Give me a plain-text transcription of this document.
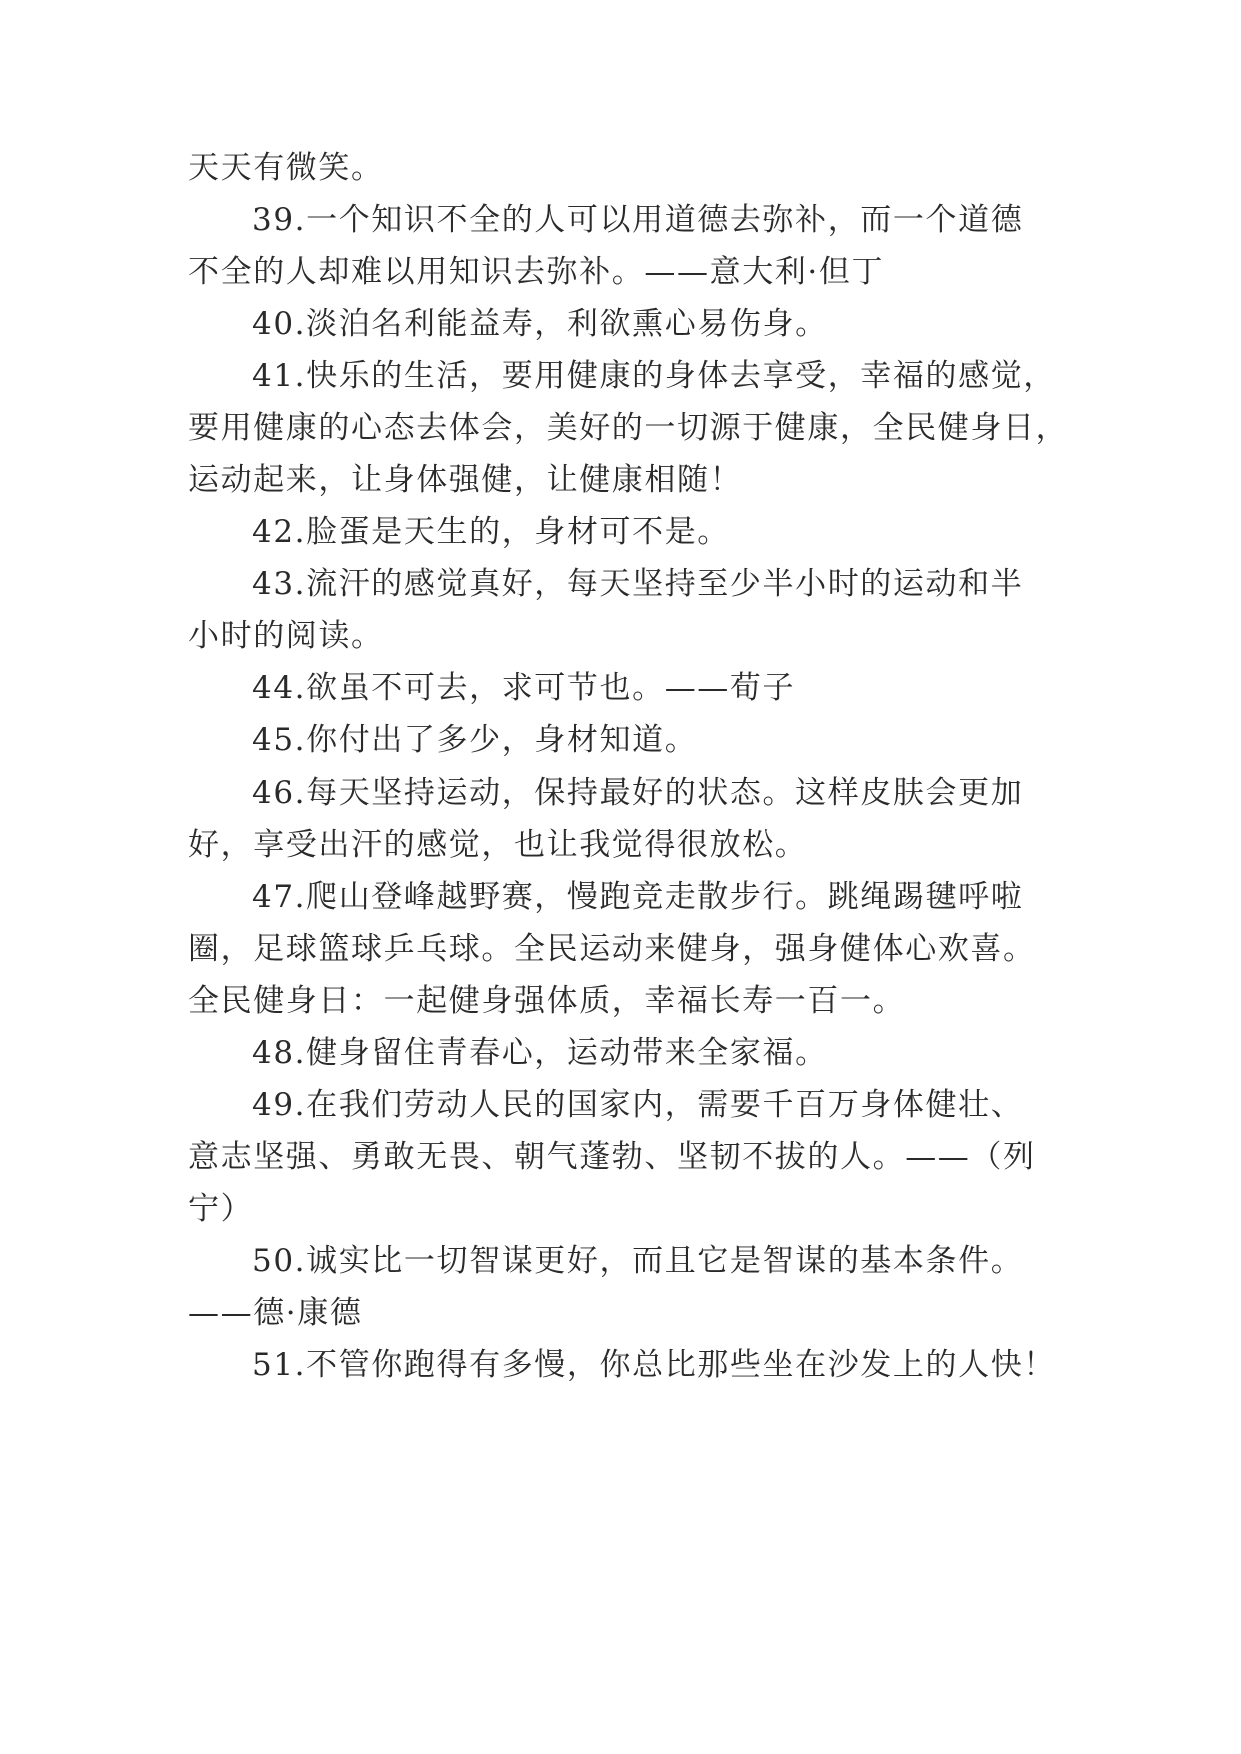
天天有微笑。
39.一个知识不全的人可以用道德去弥补，而一个道德
不全的人却难以用知识去弥补。——意大利·但丁
40.淡泊名利能益寿，利欲熏心易伤身。
41.快乐的生活，要用健康的身体去享受，幸福的感觉，
要用健康的心态去体会，美好的一切源于健康，全民健身日，
运动起来，让身体强健，让健康相随！
42.脸蛋是天生的，身材可不是。
43.流汗的感觉真好，每天坚持至少半小时的运动和半
小时的阅读。
44.欲虽不可去，求可节也。——荀子
45.你付出了多少，身材知道。
46.每天坚持运动，保持最好的状态。这样皮肤会更加
好，享受出汗的感觉，也让我觉得很放松。
47.爬山登峰越野赛，慢跑竞走散步行。跳绳踢毽呼啦
圈，足球篮球乒乓球。全民运动来健身，强身健体心欢喜。
全民健身日：一起健身强体质，幸福长寿一百一。
48.健身留住青春心，运动带来全家福。
49.在我们劳动人民的国家内，需要千百万身体健壮、
意志坚强、勇敢无畏、朝气蓬勃、坚韧不拔的人。——（列
宁）
50.诚实比一切智谋更好，而且它是智谋的基本条件。
——德·康德
51.不管你跑得有多慢，你总比那些坐在沙发上的人快！
